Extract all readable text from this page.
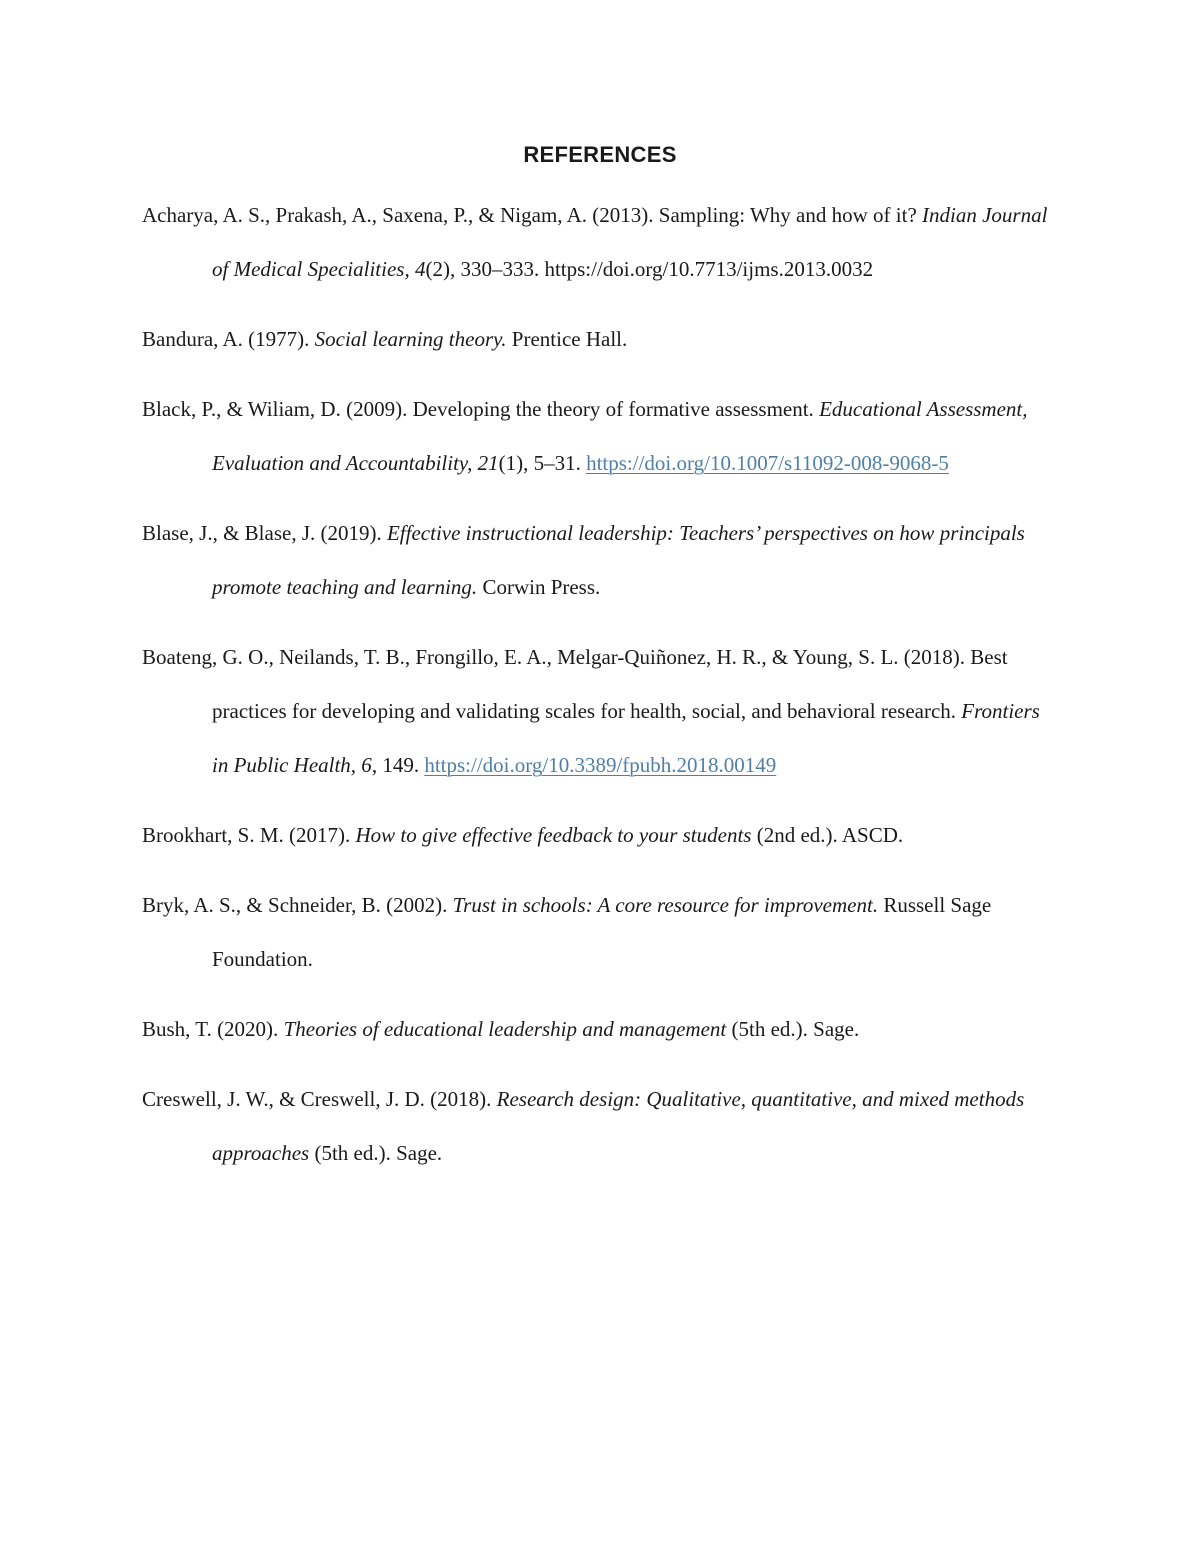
REFERENCES

Acharya, A. S., Prakash, A., Saxena, P., & Nigam, A. (2013). Sampling: Why and how of it? Indian Journal of Medical Specialities, 4(2), 330–333. https://doi.org/10.7713/ijms.2013.0032

Bandura, A. (1977). Social learning theory. Prentice Hall.

Black, P., & Wiliam, D. (2009). Developing the theory of formative assessment. Educational Assessment, Evaluation and Accountability, 21(1), 5–31. https://doi.org/10.1007/s11092-008-9068-5

Blase, J., & Blase, J. (2019). Effective instructional leadership: Teachers’ perspectives on how principals promote teaching and learning. Corwin Press.

Boateng, G. O., Neilands, T. B., Frongillo, E. A., Melgar-Quiñonez, H. R., & Young, S. L. (2018). Best practices for developing and validating scales for health, social, and behavioral research. Frontiers in Public Health, 6, 149. https://doi.org/10.3389/fpubh.2018.00149

Brookhart, S. M. (2017). How to give effective feedback to your students (2nd ed.). ASCD.

Bryk, A. S., & Schneider, B. (2002). Trust in schools: A core resource for improvement. Russell Sage Foundation.

Bush, T. (2020). Theories of educational leadership and management (5th ed.). Sage.

Creswell, J. W., & Creswell, J. D. (2018). Research design: Qualitative, quantitative, and mixed methods approaches (5th ed.). Sage.
